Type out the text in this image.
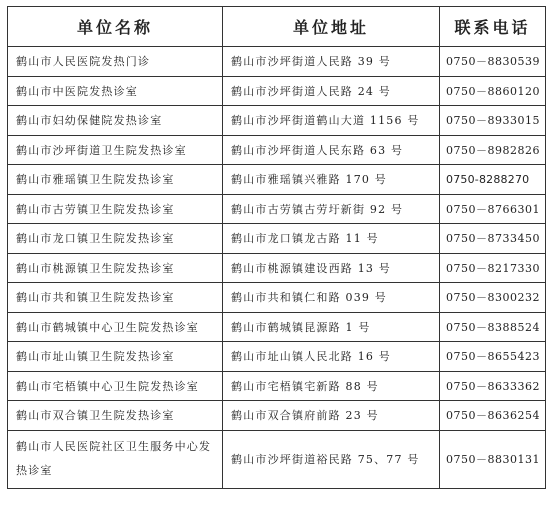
单位名称	单位地址	联系电话
鹤山市人民医院发热门诊	鹤山市沙坪街道人民路 39 号	0750－8830539
鹤山市中医院发热诊室	鹤山市沙坪街道人民路 24 号	0750－8860120
鹤山市妇幼保健院发热诊室	鹤山市沙坪街道鹤山大道 1156 号	0750－8933015
鹤山市沙坪街道卫生院发热诊室	鹤山市沙坪街道人民东路 63 号	0750－8982826
鹤山市雅瑶镇卫生院发热诊室	鹤山市雅瑶镇兴雅路 170 号	0750-8288270
鹤山市古劳镇卫生院发热诊室	鹤山市古劳镇古劳圩新街 92 号	0750－8766301
鹤山市龙口镇卫生院发热诊室	鹤山市龙口镇龙古路 11 号	0750－8733450
鹤山市桃源镇卫生院发热诊室	鹤山市桃源镇建设西路 13 号	0750－8217330
鹤山市共和镇卫生院发热诊室	鹤山市共和镇仁和路 039 号	0750－8300232
鹤山市鹤城镇中心卫生院发热诊室	鹤山市鹤城镇昆源路 1 号	0750－8388524
鹤山市址山镇卫生院发热诊室	鹤山市址山镇人民北路 16 号	0750－8655423
鹤山市宅梧镇中心卫生院发热诊室	鹤山市宅梧镇宅新路 88 号	0750－8633362
鹤山市双合镇卫生院发热诊室	鹤山市双合镇府前路 23 号	0750－8636254
鹤山市人民医院社区卫生服务中心发热诊室	鹤山市沙坪街道裕民路 75、77 号	0750－8830131
